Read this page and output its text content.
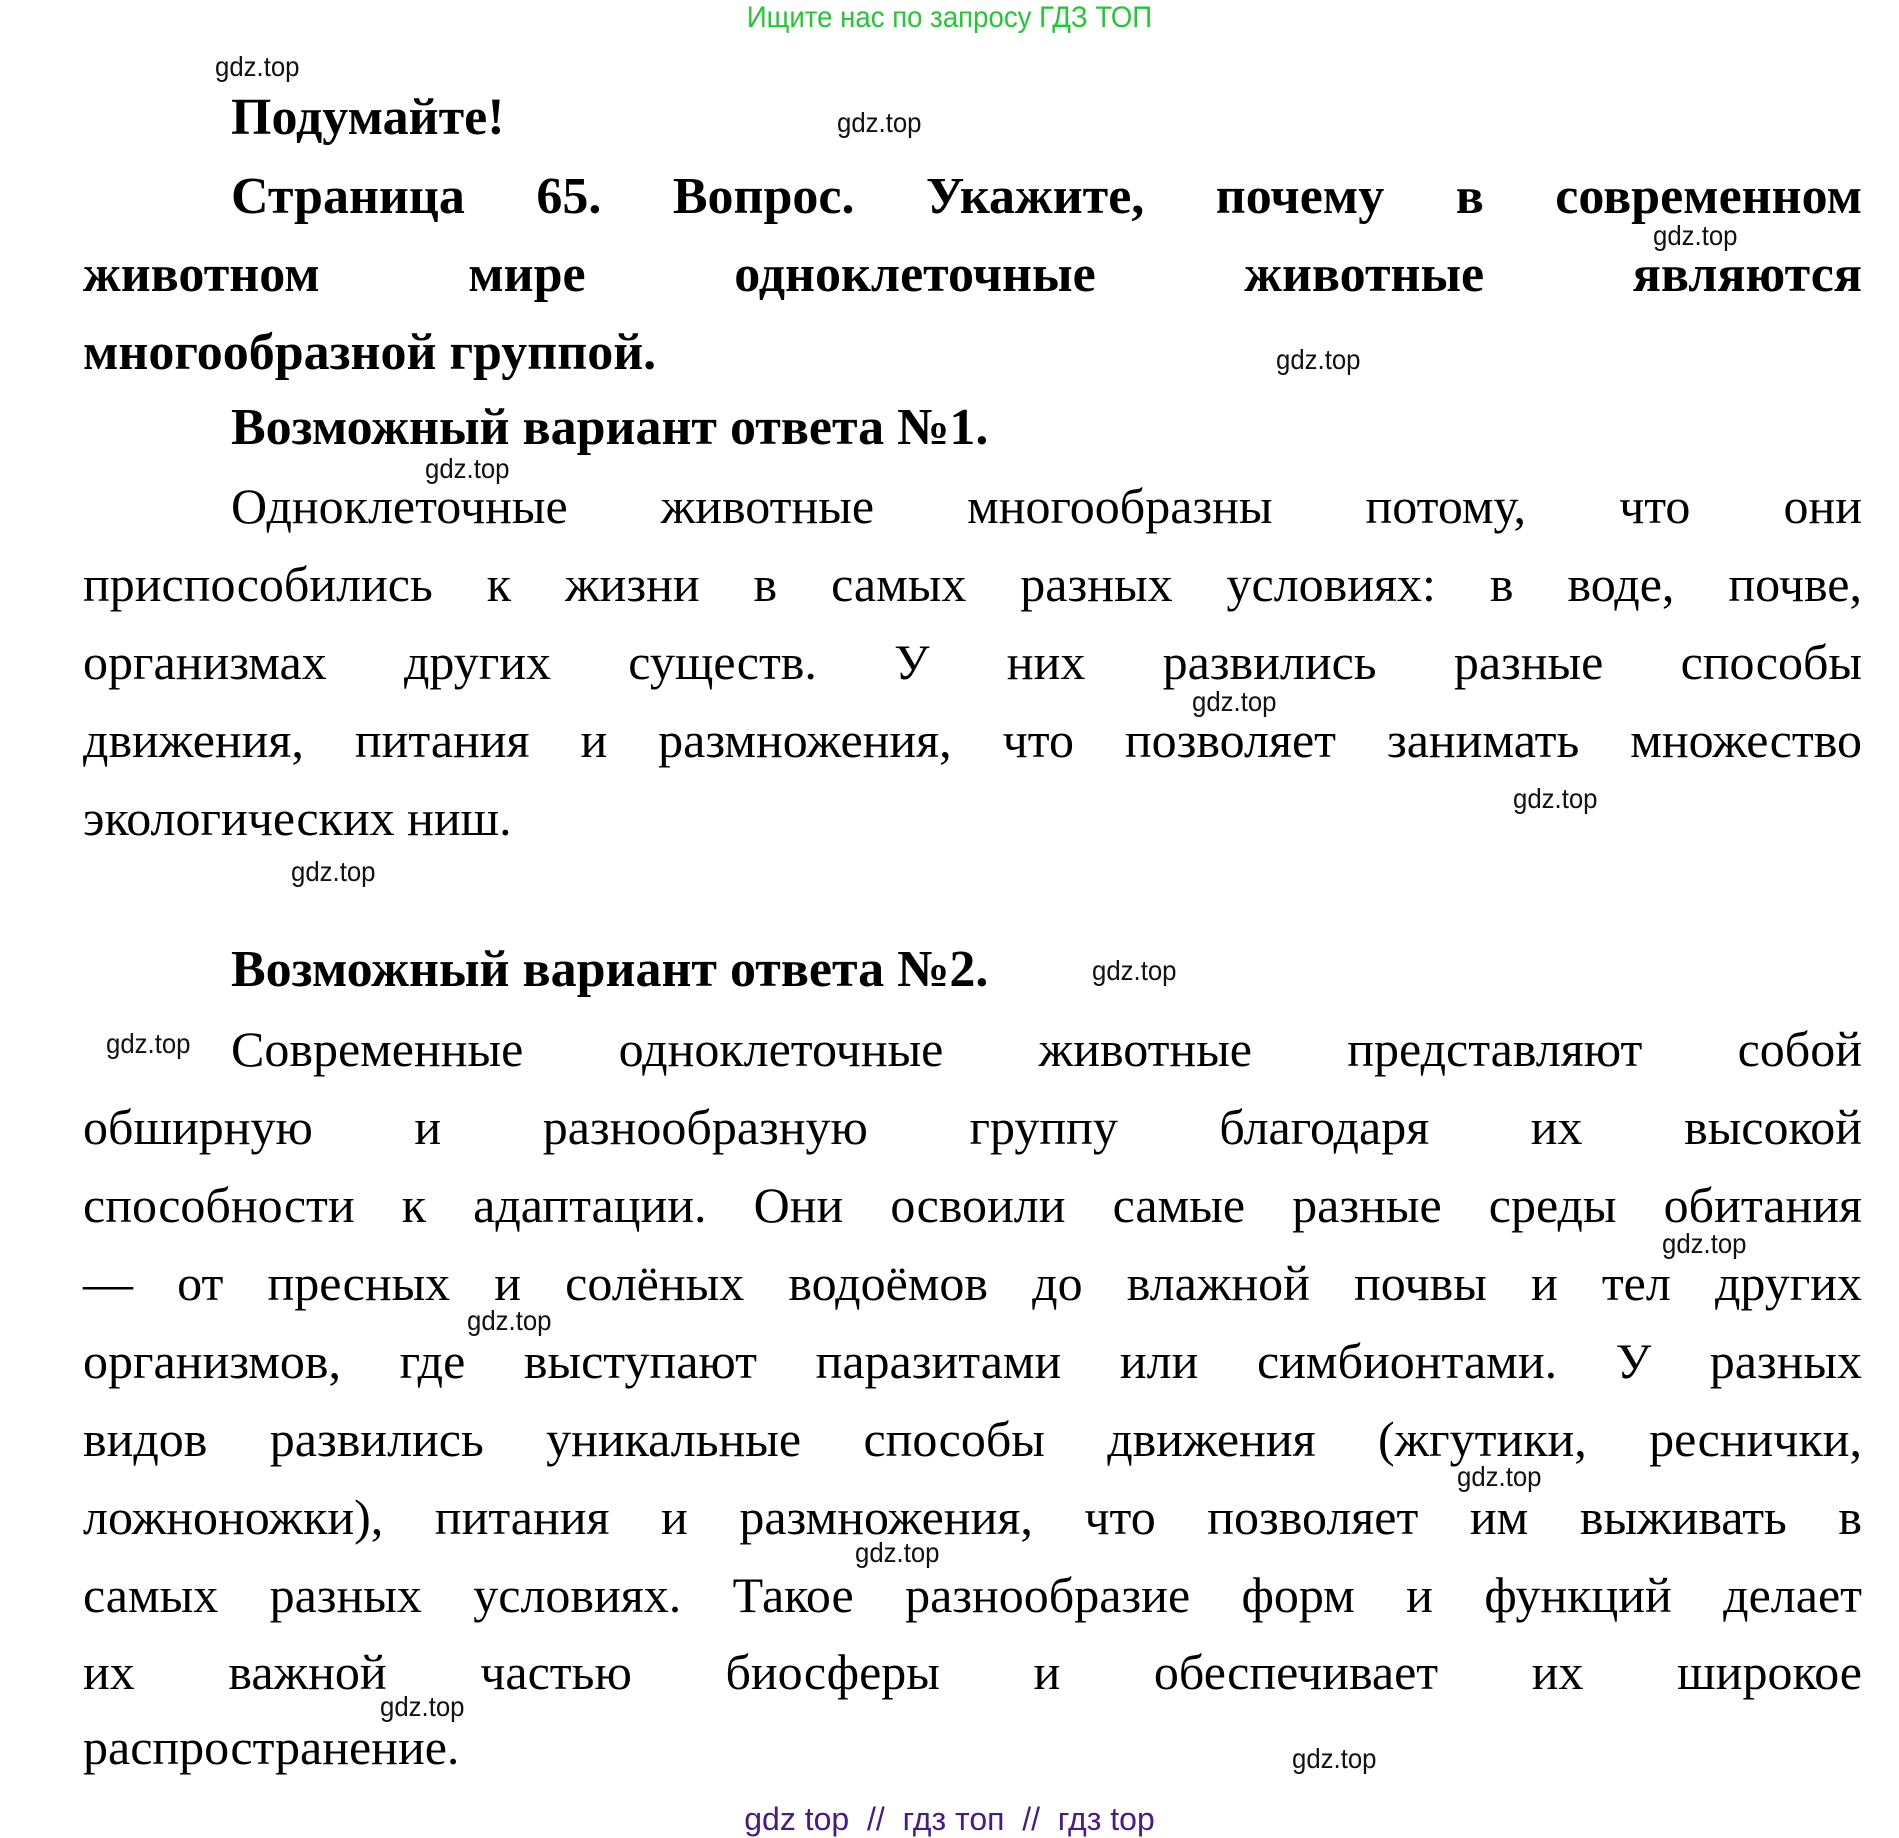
Ищите нас по запросу ГДЗ ТОП
gdz.top
gdz.top
gdz.top
gdz.top
gdz.top
gdz.top
gdz.top
gdz.top
gdz.top
gdz.top
gdz.top
gdz.top
gdz.top
gdz.top
gdz.top
gdz.top
Подумайте!
Страница 65. Вопрос. Укажите, почему в современном
животном мире одноклеточные животные являются
многообразной группой.
Возможный вариант ответа №1.
Одноклеточные животные многообразны потому, что они
приспособились к жизни в самых разных условиях: в воде, почве,
организмах других существ. У них развились разные способы
движения, питания и размножения, что позволяет занимать множество
экологических ниш.
Возможный вариант ответа №2.
Современные одноклеточные животные представляют собой
обширную и разнообразную группу благодаря их высокой
способности к адаптации. Они освоили самые разные среды обитания
— от пресных и солёных водоёмов до влажной почвы и тел других
организмов, где выступают паразитами или симбионтами. У разных
видов развились уникальные способы движения (жгутики, реснички,
ложноножки), питания и размножения, что позволяет им выживать в
самых разных условиях. Такое разнообразие форм и функций делает
их важной частью биосферы и обеспечивает их широкое
распространение.
gdz top  //  гдз топ  //  гдз top
